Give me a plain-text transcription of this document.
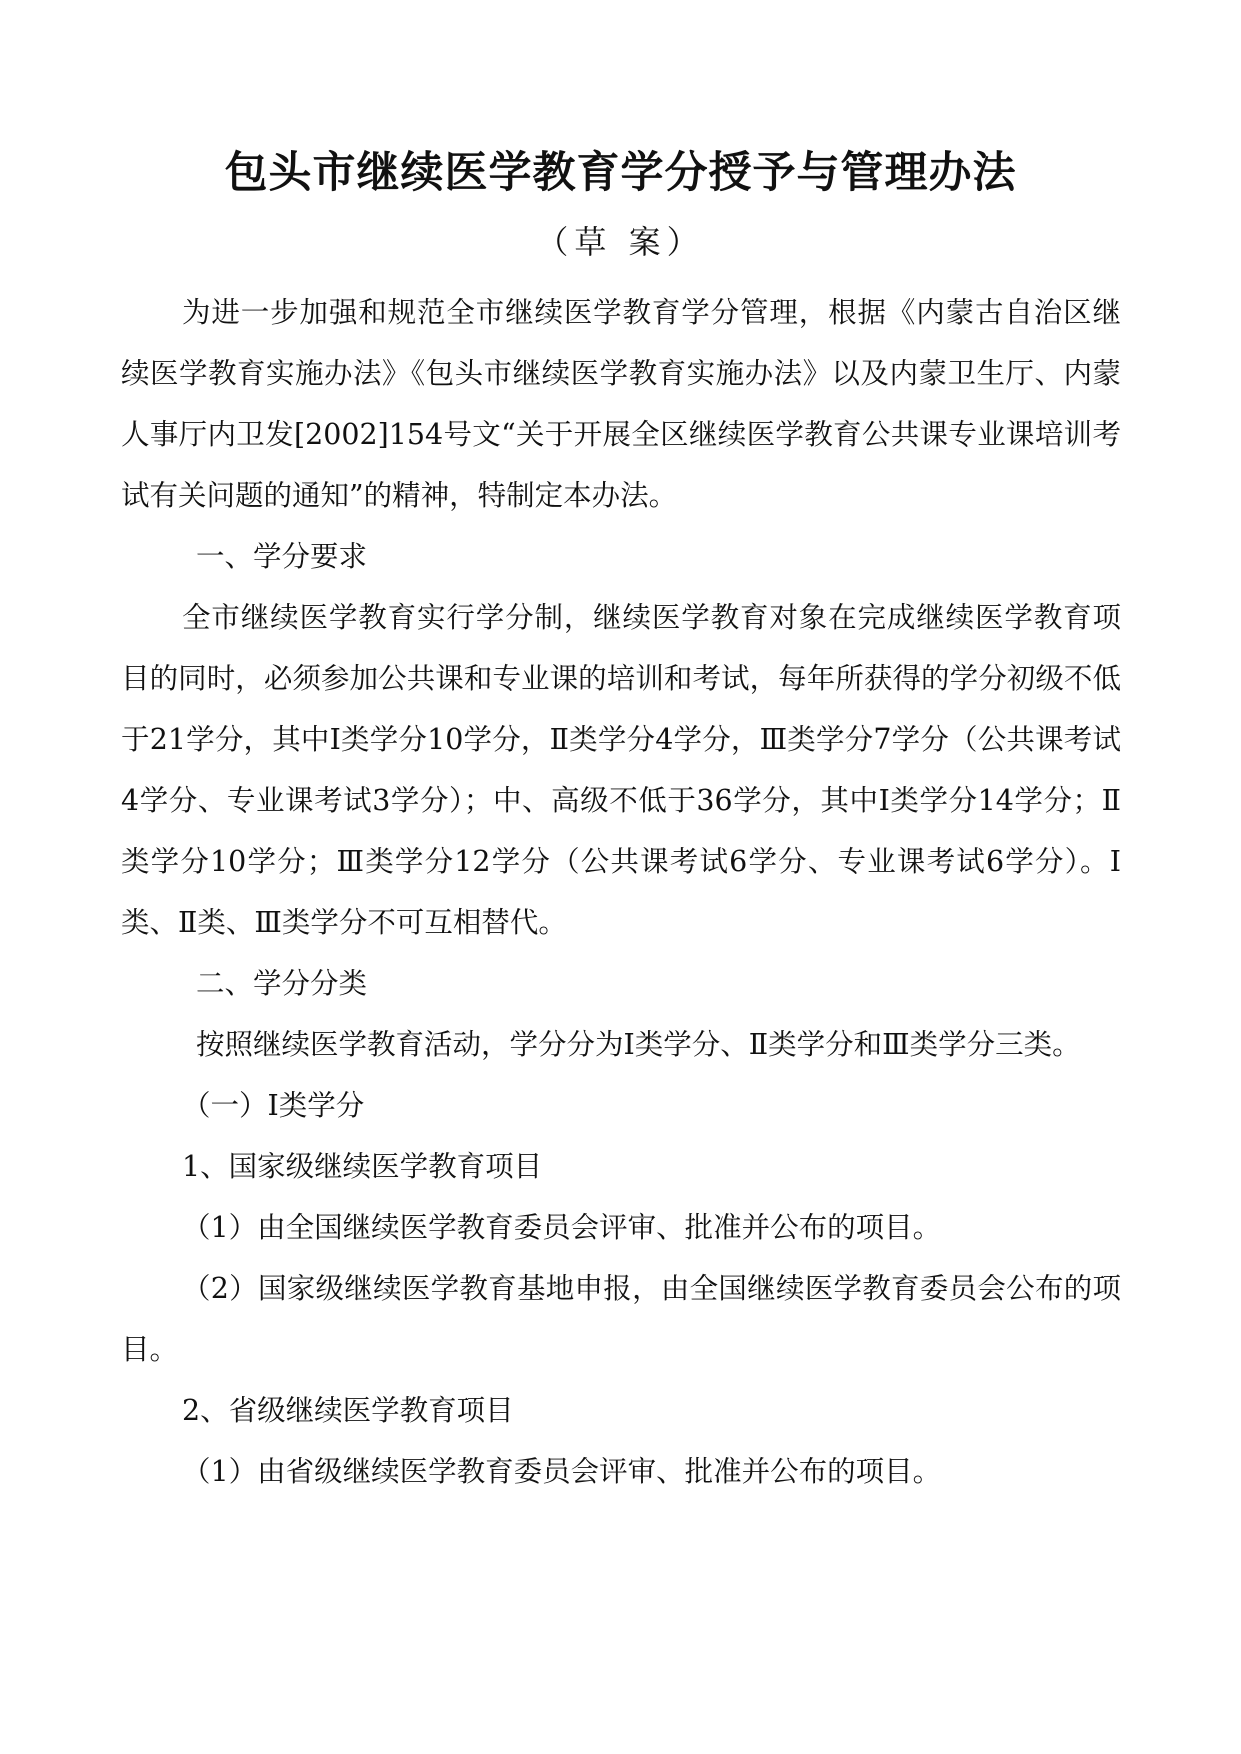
包头市继续医学教育学分授予与管理办法
（草 案）

为进一步加强和规范全市继续医学教育学分管理，根据《内蒙古自治区继续医学教育实施办法》《包头市继续医学教育实施办法》以及内蒙卫生厅、内蒙人事厅内卫发[2002]154号文“关于开展全区继续医学教育公共课专业课培训考试有关问题的通知”的精神，特制定本办法。

一、学分要求

全市继续医学教育实行学分制，继续医学教育对象在完成继续医学教育项目的同时，必须参加公共课和专业课的培训和考试，每年所获得的学分初级不低于21学分，其中Ⅰ类学分10学分，Ⅱ类学分4学分，Ⅲ类学分7学分（公共课考试4学分、专业课考试3学分）；中、高级不低于36学分，其中Ⅰ类学分14学分；Ⅱ类学分10学分；Ⅲ类学分12学分（公共课考试6学分、专业课考试6学分）。Ⅰ类、Ⅱ类、Ⅲ类学分不可互相替代。

二、学分分类

按照继续医学教育活动，学分分为Ⅰ类学分、Ⅱ类学分和Ⅲ类学分三类。

（一）Ⅰ类学分

1、国家级继续医学教育项目

（1）由全国继续医学教育委员会评审、批准并公布的项目。

（2）国家级继续医学教育基地申报，由全国继续医学教育委员会公布的项目。

2、省级继续医学教育项目

（1）由省级继续医学教育委员会评审、批准并公布的项目。
